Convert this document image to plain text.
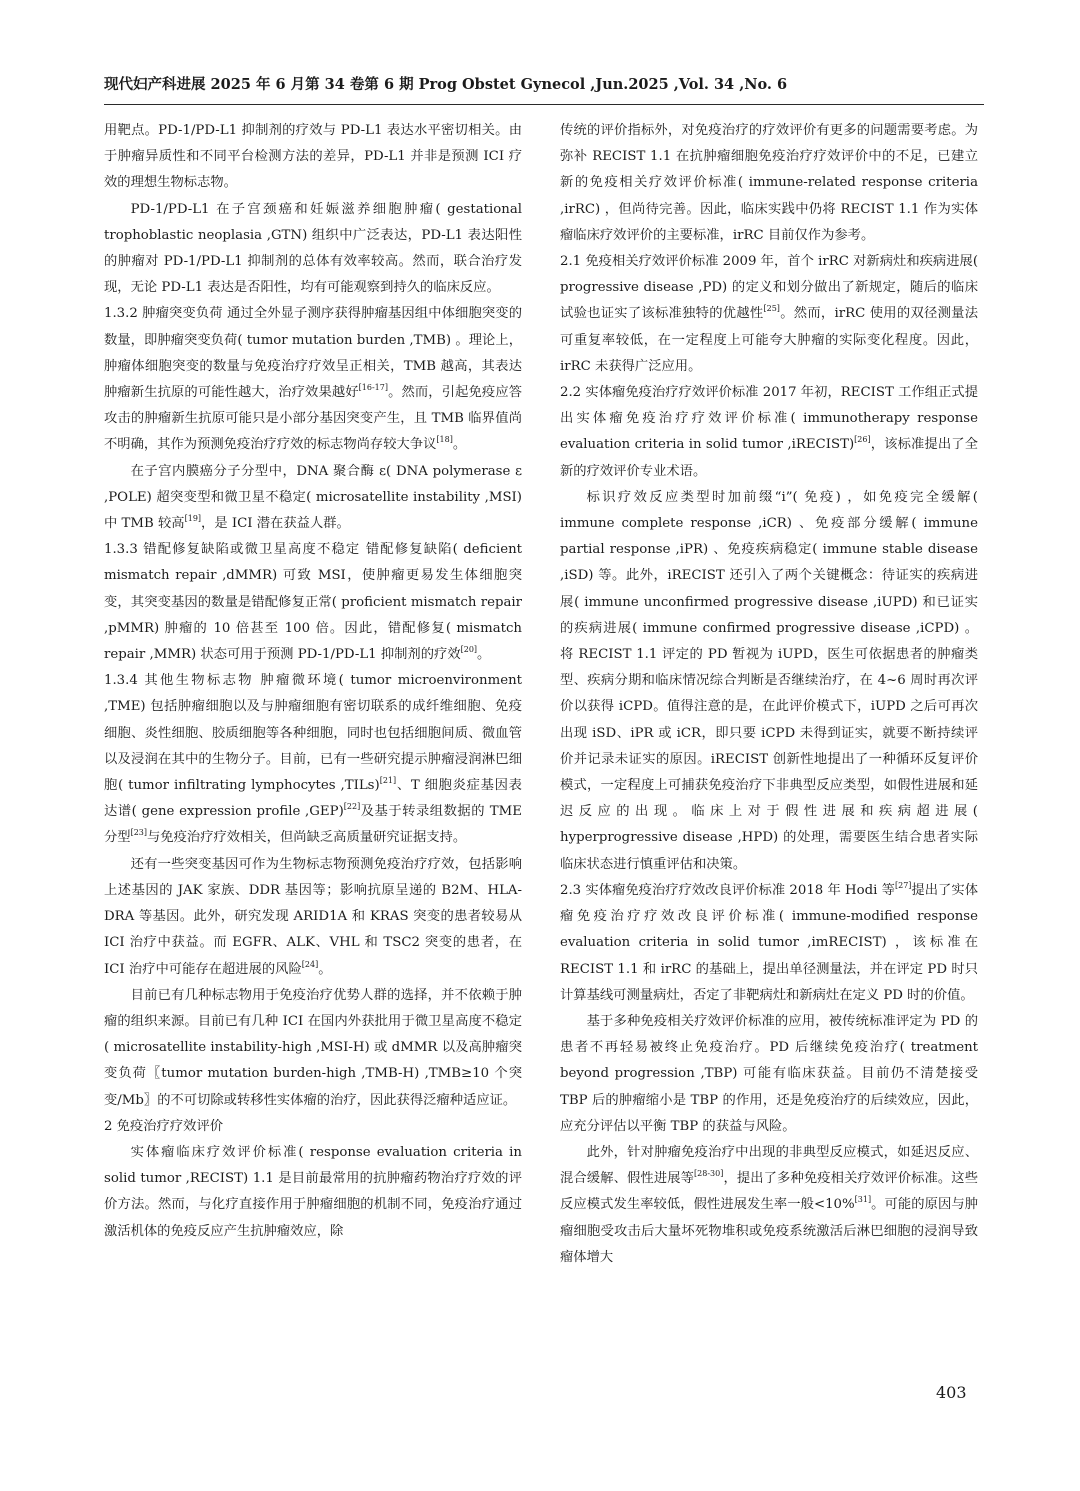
现代妇产科进展 2025 年 6 月第 34 卷第 6 期 Prog Obstet Gynecol ,Jun.2025 ,Vol. 34 ,No. 6

用靶点。PD-1/PD-L1 抑制剂的疗效与 PD-L1 表达水平密切相关。由于肿瘤异质性和不同平台检测方法的差异，PD-L1 并非是预测 ICI 疗效的理想生物标志物。

PD-1/PD-L1 在子宫颈癌和妊娠滋养细胞肿瘤( gestational trophoblastic neoplasia ,GTN) 组织中广泛表达，PD-L1 表达阳性的肿瘤对 PD-1/PD-L1 抑制剂的总体有效率较高。然而，联合治疗发现，无论 PD-L1 表达是否阳性，均有可能观察到持久的临床反应。

1.3.2 肿瘤突变负荷 通过全外显子测序获得肿瘤基因组中体细胞突变的数量，即肿瘤突变负荷( tumor mutation burden ,TMB) 。理论上，肿瘤体细胞突变的数量与免疫治疗疗效呈正相关，TMB 越高，其表达肿瘤新生抗原的可能性越大，治疗效果越好[16-17]。然而，引起免疫应答攻击的肿瘤新生抗原可能只是小部分基因突变产生，且 TMB 临界值尚不明确，其作为预测免疫治疗疗效的标志物尚存较大争议[18]。

在子宫内膜癌分子分型中，DNA 聚合酶 ε( DNA polymerase ε ,POLE) 超突变型和微卫星不稳定( microsatellite instability ,MSI) 中 TMB 较高[19]，是 ICI 潜在获益人群。

1.3.3 错配修复缺陷或微卫星高度不稳定 错配修复缺陷( deficient mismatch repair ,dMMR) 可致 MSI，使肿瘤更易发生体细胞突变，其突变基因的数量是错配修复正常( proficient mismatch repair ,pMMR) 肿瘤的 10 倍甚至 100 倍。因此，错配修复( mismatch repair ,MMR) 状态可用于预测 PD-1/PD-L1 抑制剂的疗效[20]。

1.3.4 其他生物标志物 肿瘤微环境( tumor microenvironment ,TME) 包括肿瘤细胞以及与肿瘤细胞有密切联系的成纤维细胞、免疫细胞、炎性细胞、胶质细胞等各种细胞，同时也包括细胞间质、微血管以及浸润在其中的生物分子。目前，已有一些研究提示肿瘤浸润淋巴细胞( tumor infiltrating lymphocytes ,TILs)[21]、T 细胞炎症基因表达谱( gene expression profile ,GEP)[22]及基于转录组数据的 TME 分型[23]与免疫治疗疗效相关，但尚缺乏高质量研究证据支持。

还有一些突变基因可作为生物标志物预测免疫治疗疗效，包括影响上述基因的 JAK 家族、DDR 基因等；影响抗原呈递的 B2M、HLA-DRA 等基因。此外，研究发现 ARID1A 和 KRAS 突变的患者较易从 ICI 治疗中获益。而 EGFR、ALK、VHL 和 TSC2 突变的患者，在 ICI 治疗中可能存在超进展的风险[24]。

目前已有几种标志物用于免疫治疗优势人群的选择，并不依赖于肿瘤的组织来源。目前已有几种 ICI 在国内外获批用于微卫星高度不稳定( microsatellite instability-high ,MSI-H) 或 dMMR 以及高肿瘤突变负荷〖tumor mutation burden-high ,TMB-H) ,TMB≥10 个突变/Mb〗的不可切除或转移性实体瘤的治疗，因此获得泛瘤种适应证。

2 免疫治疗疗效评价

实体瘤临床疗效评价标准( response evaluation criteria in solid tumor ,RECIST) 1.1 是目前最常用的抗肿瘤药物治疗疗效的评价方法。然而，与化疗直接作用于肿瘤细胞的机制不同，免疫治疗通过激活机体的免疫反应产生抗肿瘤效应，除

传统的评价指标外，对免疫治疗的疗效评价有更多的问题需要考虑。为弥补 RECIST 1.1 在抗肿瘤细胞免疫治疗疗效评价中的不足，已建立新的免疫相关疗效评价标准( immune-related response criteria ,irRC) ，但尚待完善。因此，临床实践中仍将 RECIST 1.1 作为实体瘤临床疗效评价的主要标准，irRC 目前仅作为参考。

2.1 免疫相关疗效评价标准 2009 年，首个 irRC 对新病灶和疾病进展( progressive disease ,PD) 的定义和划分做出了新规定，随后的临床试验也证实了该标准独特的优越性[25]。然而，irRC 使用的双径测量法可重复率较低，在一定程度上可能夸大肿瘤的实际变化程度。因此，irRC 未获得广泛应用。

2.2 实体瘤免疫治疗疗效评价标准 2017 年初，RECIST 工作组正式提出实体瘤免疫治疗疗效评价标准( immunotherapy response evaluation criteria in solid tumor ,iRECIST)[26]，该标准提出了全新的疗效评价专业术语。

标识疗效反应类型时加前缀“i”( 免疫) ，如免疫完全缓解( immune complete response ,iCR) 、免疫部分缓解( immune partial response ,iPR) 、免疫疾病稳定( immune stable disease ,iSD) 等。此外，iRECIST 还引入了两个关键概念：待证实的疾病进展( immune unconfirmed progressive disease ,iUPD) 和已证实的疾病进展( immune confirmed progressive disease ,iCPD) 。将 RECIST 1.1 评定的 PD 暂视为 iUPD，医生可依据患者的肿瘤类型、疾病分期和临床情况综合判断是否继续治疗，在 4~6 周时再次评价以获得 iCPD。值得注意的是，在此评价模式下，iUPD 之后可再次出现 iSD、iPR 或 iCR，即只要 iCPD 未得到证实，就要不断持续评价并记录未证实的原因。iRECIST 创新性地提出了一种循环反复评价模式，一定程度上可捕获免疫治疗下非典型反应类型，如假性进展和延迟反应的出现。临床上对于假性进展和疾病超进展( hyperprogressive disease ,HPD) 的处理，需要医生结合患者实际临床状态进行慎重评估和决策。

2.3 实体瘤免疫治疗疗效改良评价标准 2018 年 Hodi 等[27]提出了实体瘤免疫治疗疗效改良评价标准( immune-modified response evaluation criteria in solid tumor ,imRECIST) ，该标准在 RECIST 1.1 和 irRC 的基础上，提出单径测量法，并在评定 PD 时只计算基线可测量病灶，否定了非靶病灶和新病灶在定义 PD 时的价值。

基于多种免疫相关疗效评价标准的应用，被传统标准评定为 PD 的患者不再轻易被终止免疫治疗。PD 后继续免疫治疗( treatment beyond progression ,TBP) 可能有临床获益。目前仍不清楚接受 TBP 后的肿瘤缩小是 TBP 的作用，还是免疫治疗的后续效应，因此，应充分评估以平衡 TBP 的获益与风险。

此外，针对肿瘤免疫治疗中出现的非典型反应模式，如延迟反应、混合缓解、假性进展等[28-30]，提出了多种免疫相关疗效评价标准。这些反应模式发生率较低，假性进展发生率一般<10%[31]。可能的原因与肿瘤细胞受攻击后大量坏死物堆积或免疫系统激活后淋巴细胞的浸润导致瘤体增大

403
